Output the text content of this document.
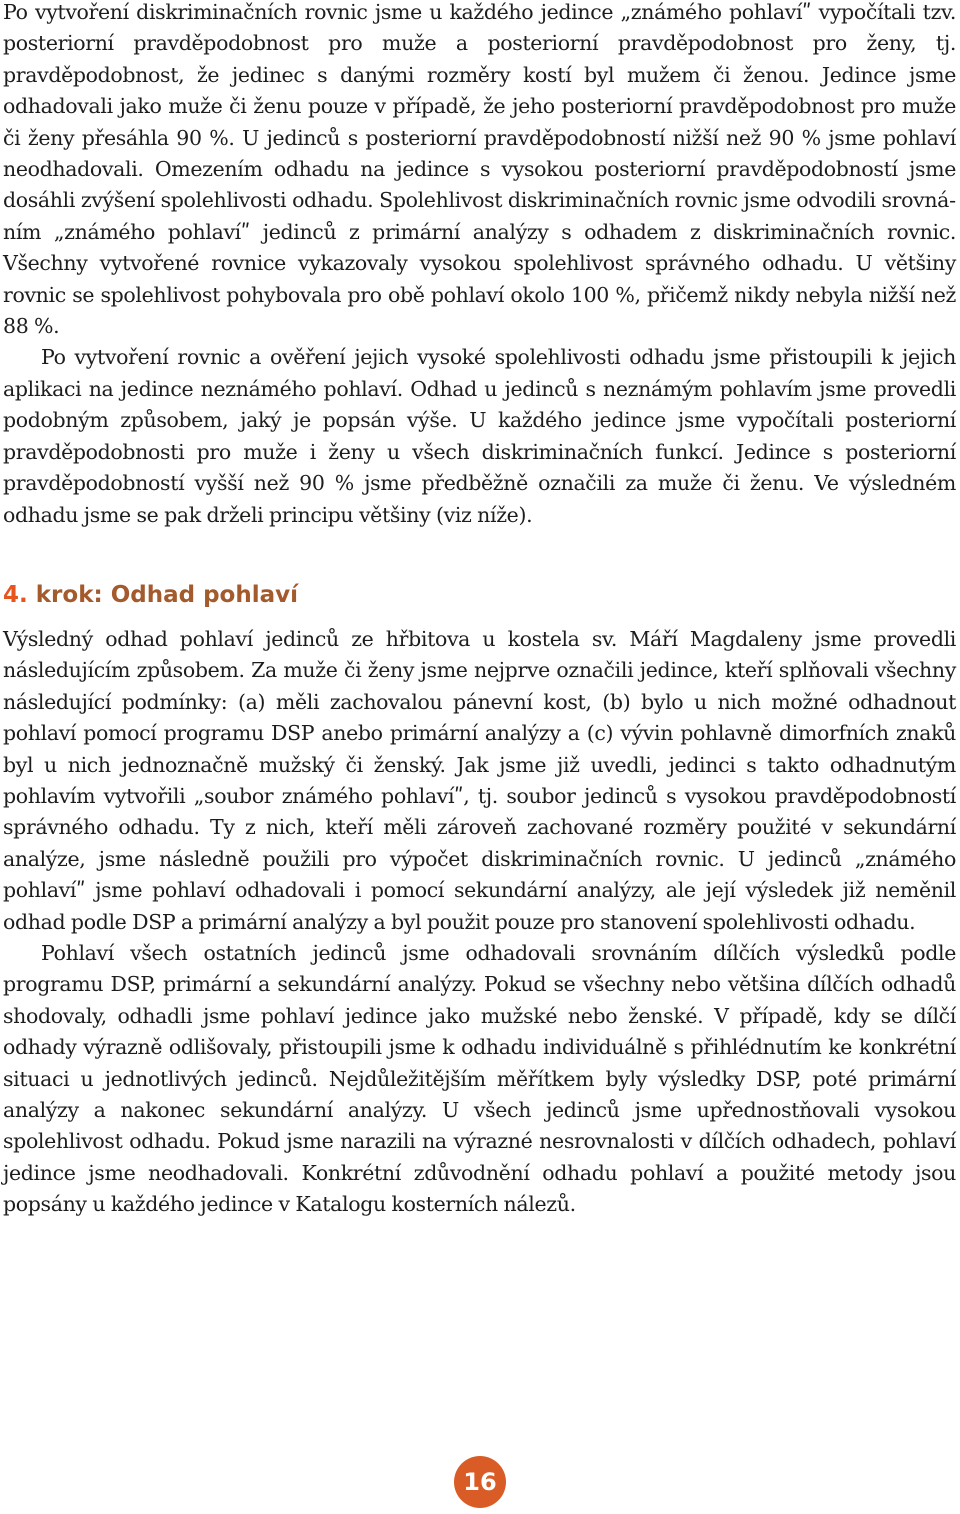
Po vytvoření diskriminačních rovnic jsme u každého jedince „známého pohlavíʺ vypočítali tzv. posteriorní pravděpodobnost pro muže a posteriorní pravděpodobnost pro ženy, tj. pravděpodobnost, že jedinec s danými rozměry kostí byl mužem či ženou. Jedince jsme odhadovali jako muže či ženu pouze v případě, že jeho posteriorní pravděpodobnost pro muže či ženy přesáhla 90 %. U jedinců s posteriorní pravděpodobností nižší než 90 % jsme pohlaví neodhadovali. Omezením odhadu na jedince s vysokou posteriorní pravděpodobností jsme dosáhli zvýšení spolehlivosti odhadu. Spolehlivost diskriminačních rovnic jsme odvodili srovnáním „známého pohlavíʺ jedinců z primární analýzy s odhadem z diskriminačních rovnic. Všechny vytvořené rovnice vykazovaly vysokou spolehlivost správného odhadu. U většiny rovnic se spolehlivost pohybovala pro obě pohlaví okolo 100 %, přičemž nikdy nebyla nižší než 88 %.

Po vytvoření rovnic a ověření jejich vysoké spolehlivosti odhadu jsme přistoupili k jejich aplikaci na jedince neznámého pohlaví. Odhad u jedinců s neznámým pohlavím jsme provedli podobným způsobem, jaký je popsán výše. U každého jedince jsme vypočítali posteriorní pravděpodobnosti pro muže i ženy u všech diskriminačních funkcí. Jedince s posteriorní pravděpodobností vyšší než 90 % jsme předběžně označili za muže či ženu. Ve výsledném odhadu jsme se pak drželi principu většiny (viz níže).

4. krok: Odhad pohlaví

Výsledný odhad pohlaví jedinců ze hřbitova u kostela sv. Máří Magdaleny jsme provedli následujícím způsobem. Za muže či ženy jsme nejprve označili jedince, kteří splňovali všechny následující podmínky: (a) měli zachovalou pánevní kost, (b) bylo u nich možné odhadnout pohlaví pomocí programu DSP anebo primární analýzy a (c) vývin pohlavně dimorfních znaků byl u nich jednoznačně mužský či ženský. Jak jsme již uvedli, jedinci s takto odhadnutým pohlavím vytvořili „soubor známého pohlavíʺ, tj. soubor jedinců s vysokou pravděpodobností správného odhadu. Ty z nich, kteří měli zároveň zachované rozměry použité v sekundární analýze, jsme následně použili pro výpočet diskriminačních rovnic. U jedinců „známého pohlavíʺ jsme pohlaví odhadovali i pomocí sekundární analýzy, ale její výsledek již neměnil odhad podle DSP a primární analýzy a byl použit pouze pro stanovení spolehlivosti odhadu.

Pohlaví všech ostatních jedinců jsme odhadovali srovnáním dílčích výsledků podle programu DSP, primární a sekundární analýzy. Pokud se všechny nebo většina dílčích odhadů shodovaly, odhadli jsme pohlaví jedince jako mužské nebo ženské. V případě, kdy se dílčí odhady výrazně odlišovaly, přistoupili jsme k odhadu individuálně s přihlédnutím ke konkrétní situaci u jednotlivých jedinců. Nejdůležitějším měřítkem byly výsledky DSP, poté primární analýzy a nakonec sekundární analýzy. U všech jedinců jsme upřednostňovali vysokou spolehlivost odhadu. Pokud jsme narazili na výrazné nesrovnalosti v dílčích odhadech, pohlaví jedince jsme neodhadovali. Konkrétní zdůvodnění odhadu pohlaví a použité metody jsou popsány u každého jedince v Katalogu kosterních nálezů.

16
